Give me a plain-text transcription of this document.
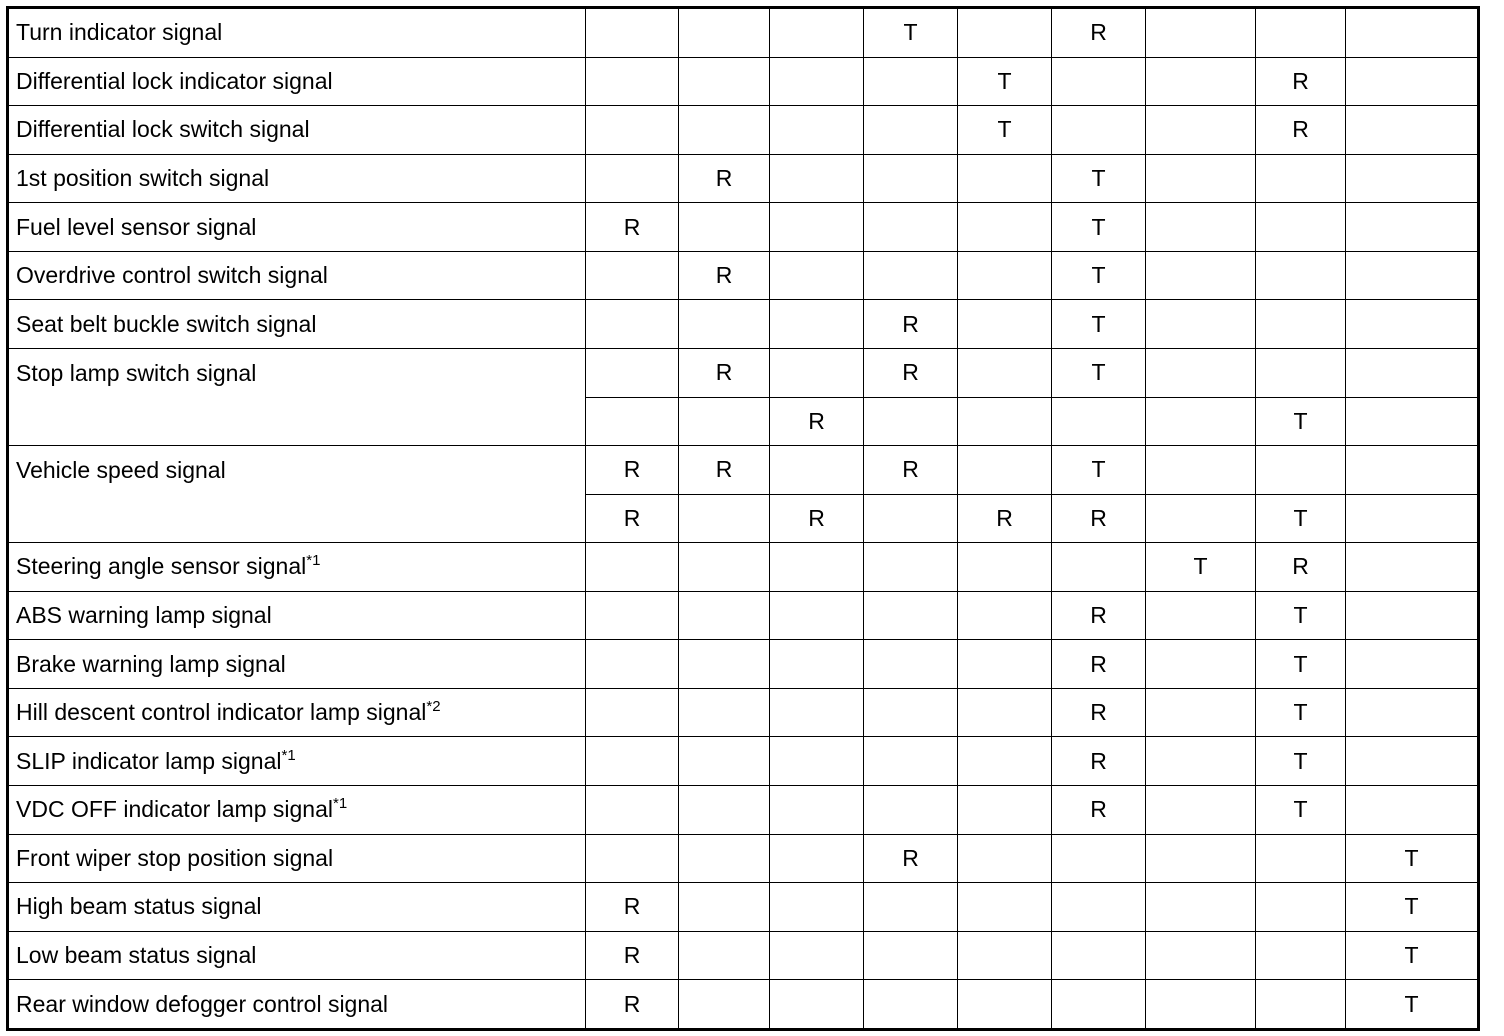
Turn indicator signal				T		R			
Differential lock indicator signal					T			R	
Differential lock switch signal					T			R	
1st position switch signal		R				T			
Fuel level sensor signal	R					T			
Overdrive control switch signal		R				T			
Seat belt buckle switch signal				R		T			
Stop lamp switch signal		R		R		T			
			R					T	
Vehicle speed signal	R	R		R		T			
	R		R		R	R		T	
Steering angle sensor signal$^{*1}$							T	R	
ABS warning lamp signal						R		T	
Brake warning lamp signal						R		T	
Hill descent control indicator lamp signal$^{*2}$						R		T	
SLIP indicator lamp signal$^{*1}$						R		T	
VDC OFF indicator lamp signal$^{*1}$						R		T	
Front wiper stop position signal				R					T
High beam status signal	R								T
Low beam status signal	R								T
Rear window defogger control signal	R								T
